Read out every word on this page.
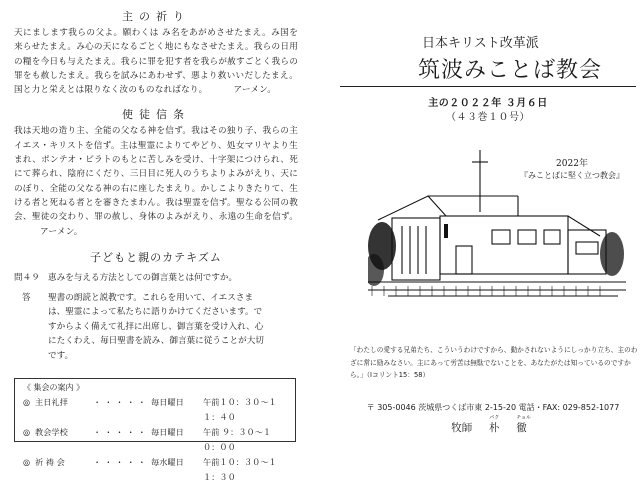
主の祈り

天にまします我らの父よ。願わくは み名をあがめさせたまえ。み国を来らせたまえ。み心の天になるごとく地にもなさせたまえ。我らの日用の糧を今日も与えたまえ。我らに罪を犯す者を我らが赦すごとく我らの罪をも赦したまえ。我らを試みにあわせず、悪より救いいだしたまえ。国と力と栄えとは限りなく汝のものなればなり。	アーメン。

使徒信条

我は天地の造り主、全能の父なる神を信ず。我はその独り子、我らの主イエス・キリストを信ず。主は聖霊によりてやどり、処女マリヤより生まれ、ポンテオ・ピラトのもとに苦しみを受け、十字架につけられ、死にて葬られ、陰府にくだり、三日目に死人のうちよりよみがえり、天にのぼり、全能の父なる神の右に座したまえり。かしこよりきたりて、生ける者と死ねる者とを審きたまわん。我は聖霊を信ず。聖なる公同の教会、聖徒の交わり、罪の赦し、身体のよみがえり、永遠の生命を信ず。アーメン。

子どもと親のカテキズム

問４９ 恵みを与える方法としての御言葉とは何ですか。

答	聖書の朗読と説教です。これらを用いて、イエスさまは、聖霊によって私たちに語りかけてくださいます。ですからよく備えて礼拝に出席し、御言葉を受け入れ、心にたくわえ、毎日聖書を読み、御言葉に従うことが大切です。

《 集会の案内 》

◎ 主日礼拝	・・・・・ 毎日曜日	午前１０：３０～１１：４０
◎ 教会学校	・・・・・ 毎日曜日	午前 ９：３０～１０：００
◎ 祈 祷 会	・・・・・ 毎水曜日	午前１０：３０～１１：３０
日本キリスト改革派
筑波みことば教会
主の２０２２年 ３月６日
（４３巻１０号）
2022年
『みことばに堅く立つ教会』
「わたしの愛する兄弟たち、こういうわけですから、動かされないようにしっかり立ち、主のわざに常に励みなさい。主にあって労苦は無駄でないことを、あなたがたは知っているのですから。」（Iコリント15：58）
〒 305-0046 茨城県つくば市東 2-15-20 電話・FAX: 029-852-1077
牧師
パク
朴
チョル
徹
